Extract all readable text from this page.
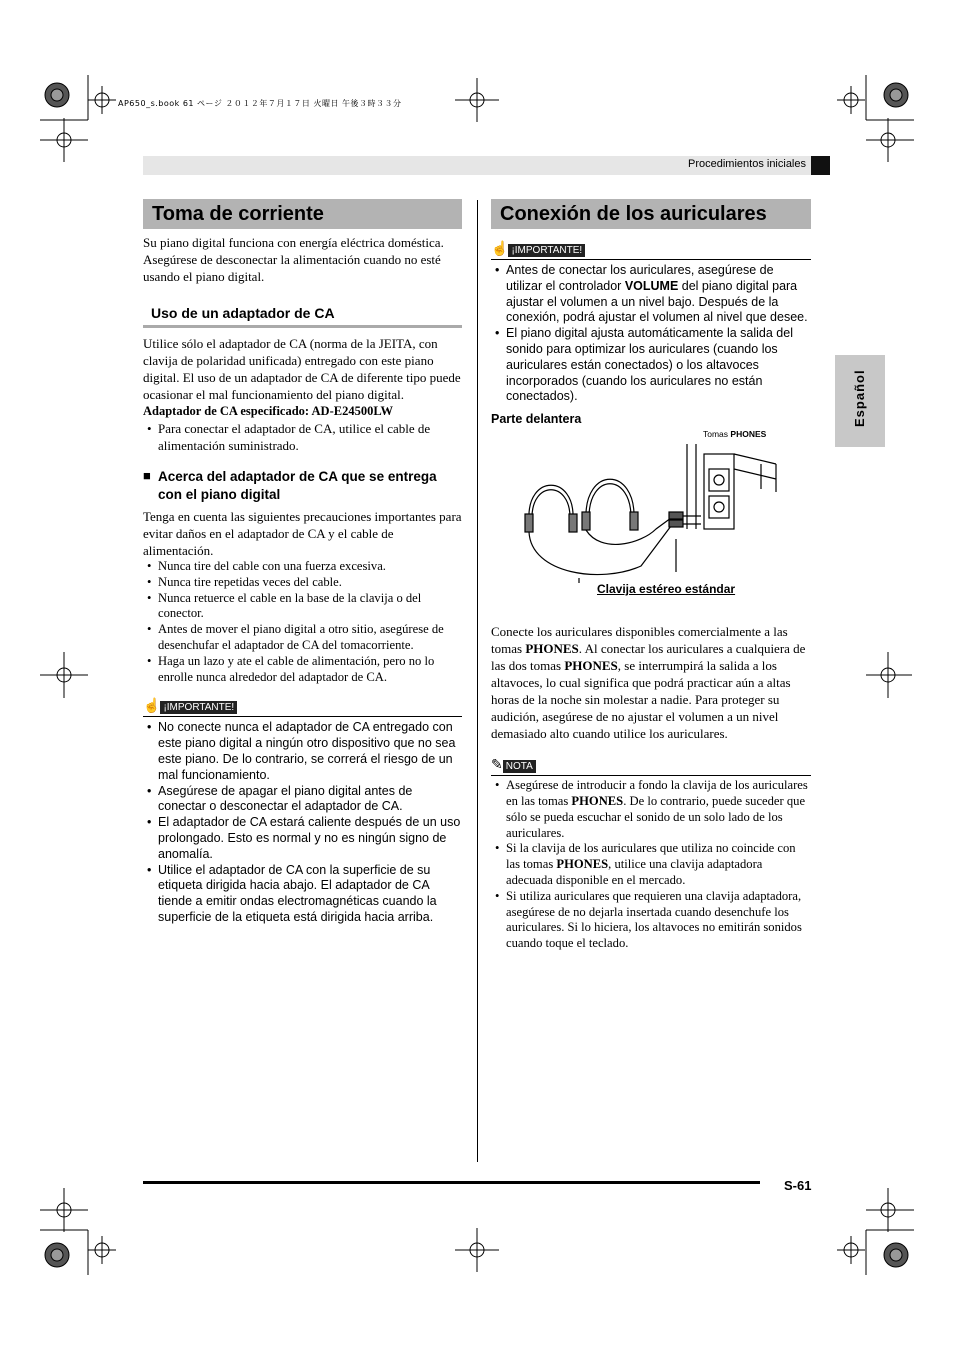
AP650_s.book 61 ページ ２０１２年７月１７日 火曜日 午後３時３３分
Procedimientos iniciales
Español
Toma de corriente
Su piano digital funciona con energía eléctrica doméstica. Asegúrese de desconectar la alimentación cuando no esté usando el piano digital.
Uso de un adaptador de CA
Utilice sólo el adaptador de CA (norma de la JEITA, con clavija de polaridad unificada) entregado con este piano digital. El uso de un adaptador de CA de diferente tipo puede ocasionar el mal funcionamiento del piano digital.
Adaptador de CA especificado: AD-E24500LW
• Para conectar el adaptador de CA, utilice el cable de alimentación suministrado.
■ Acerca del adaptador de CA que se entrega con el piano digital
Tenga en cuenta las siguientes precauciones importantes para evitar daños en el adaptador de CA y el cable de alimentación.
• Nunca tire del cable con una fuerza excesiva.
• Nunca tire repetidas veces del cable.
• Nunca retuerce el cable en la base de la clavija o del conector.
• Antes de mover el piano digital a otro sitio, asegúrese de desenchufar el adaptador de CA del tomacorriente.
• Haga un lazo y ate el cable de alimentación, pero no lo enrolle nunca alrededor del adaptador de CA.
☝ ¡IMPORTANTE!
• No conecte nunca el adaptador de CA entregado con este piano digital a ningún otro dispositivo que no sea este piano. De lo contrario, se correrá el riesgo de un mal funcionamiento.
• Asegúrese de apagar el piano digital antes de conectar o desconectar el adaptador de CA.
• El adaptador de CA estará caliente después de un uso prolongado. Esto es normal y no es ningún signo de anomalía.
• Utilice el adaptador de CA con la superficie de su etiqueta dirigida hacia abajo. El adaptador de CA tiende a emitir ondas electromagnéticas cuando la superficie de la etiqueta está dirigida hacia arriba.
Conexión de los auriculares
☝ ¡IMPORTANTE!
• Antes de conectar los auriculares, asegúrese de utilizar el controlador VOLUME del piano digital para ajustar el volumen a un nivel bajo. Después de la conexión, podrá ajustar el volumen al nivel que desee.
• El piano digital ajusta automáticamente la salida del sonido para optimizar los auriculares (cuando los auriculares están conectados) o los altavoces incorporados (cuando los auriculares no están conectados).
Parte delantera
Tomas PHONES
Clavija estéreo estándar
Conecte los auriculares disponibles comercialmente a las tomas PHONES. Al conectar los auriculares a cualquiera de las dos tomas PHONES, se interrumpirá la salida a los altavoces, lo cual significa que podrá practicar aún a altas horas de la noche sin molestar a nadie. Para proteger su audición, asegúrese de no ajustar el volumen a un nivel demasiado alto cuando utilice los auriculares.
✎ NOTA
• Asegúrese de introducir a fondo la clavija de los auriculares en las tomas PHONES. De lo contrario, puede suceder que sólo se pueda escuchar el sonido de un solo lado de los auriculares.
• Si la clavija de los auriculares que utiliza no coincide con las tomas PHONES, utilice una clavija adaptadora adecuada disponible en el mercado.
• Si utiliza auriculares que requieren una clavija adaptadora, asegúrese de no dejarla insertada cuando desenchufe los auriculares. Si lo hiciera, los altavoces no emitirán sonidos cuando toque el teclado.
S-61
